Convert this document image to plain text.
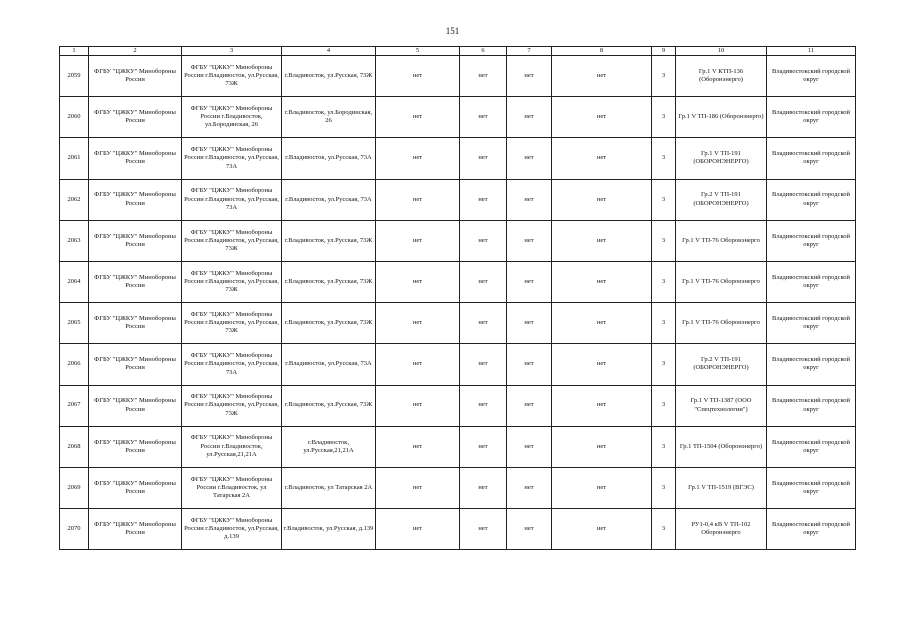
151
1	2	3	4	5	6	7	8	9	10	11
2059	ФГБУ "ЦЖКУ" Минобороны России	ФГБУ "ЦЖКУ" Минобороны России г.Владивосток, ул.Русская, 73Ж	г.Владивосток, ул.Русская, 73Ж	нет	нет	нет	нет	3	Гр.1 V КТП-136 (Оборонэнерго)	Владивостокский городской округ
2060	ФГБУ "ЦЖКУ" Минобороны России	ФГБУ "ЦЖКУ" Минобороны России г.Владивосток, ул.Бородинская, 26	г.Владивосток, ул.Бородинская, 26	нет	нет	нет	нет	3	Гр.1 V ТП-186 (Оборонэнерго)	Владивостокский городской округ
2061	ФГБУ "ЦЖКУ" Минобороны России	ФГБУ "ЦЖКУ" Минобороны России г.Владивосток, ул.Русская, 73А	г.Владивосток, ул.Русская, 73А	нет	нет	нет	нет	3	Гр.1 V ТП-191 (ОБОРОНЭНЕРГО)	Владивостокский городской округ
2062	ФГБУ "ЦЖКУ" Минобороны России	ФГБУ "ЦЖКУ" Минобороны России г.Владивосток, ул.Русская, 73А	г.Владивосток, ул.Русская, 73А	нет	нет	нет	нет	3	Гр.2 V ТП-191 (ОБОРОНЭНЕРГО)	Владивостокский городской округ
2063	ФГБУ "ЦЖКУ" Минобороны России	ФГБУ "ЦЖКУ" Минобороны России г.Владивосток, ул.Русская, 73Ж	г.Владивосток, ул.Русская, 73Ж	нет	нет	нет	нет	3	Гр.1 V ТП-76 Оборонэнерго	Владивостокский городской округ
2064	ФГБУ "ЦЖКУ" Минобороны России	ФГБУ "ЦЖКУ" Минобороны России г.Владивосток, ул.Русская, 73Ж	г.Владивосток, ул.Русская, 73Ж	нет	нет	нет	нет	3	Гр.1 V ТП-76 Оборонэнерго	Владивостокский городской округ
2065	ФГБУ "ЦЖКУ" Минобороны России	ФГБУ "ЦЖКУ" Минобороны России г.Владивосток, ул.Русская, 73Ж	г.Владивосток, ул.Русская, 73Ж	нет	нет	нет	нет	3	Гр.1 V ТП-76 Оборонэнерго	Владивостокский городской округ
2066	ФГБУ "ЦЖКУ" Минобороны России	ФГБУ "ЦЖКУ" Минобороны России г.Владивосток, ул.Русская, 73А	г.Владивосток, ул.Русская, 73А	нет	нет	нет	нет	3	Гр.2 V ТП-191 (ОБОРОНЭНЕРГО)	Владивостокский городской округ
2067	ФГБУ "ЦЖКУ" Минобороны России	ФГБУ "ЦЖКУ" Минобороны России г.Владивосток, ул.Русская, 73Ж	г.Владивосток, ул.Русская, 73Ж	нет	нет	нет	нет	3	Гр.1 V ТП-1387 (ООО "Спецтехнологии")	Владивостокский городской округ
2068	ФГБУ "ЦЖКУ" Минобороны России	ФГБУ "ЦЖКУ" Минобороны России г.Владивосток, ул.Русская,21,21А	г.Владивосток, ул.Русская,21,21А	нет	нет	нет	нет	3	Гр.1 ТП-1504 (Оборонэнерго)	Владивостокский городской округ
2069	ФГБУ "ЦЖКУ" Минобороны России	ФГБУ "ЦЖКУ" Минобороны России г.Владивосток, ул Татарская 2А	г.Владивосток, ул Татарская 2А	нет	нет	нет	нет	3	Гр.1 V ТП-1519 (ВГЭС)	Владивостокский городской округ
2070	ФГБУ "ЦЖКУ" Минобороны России	ФГБУ "ЦЖКУ" Минобороны России г.Владивосток, ул.Русская, д.139	г.Владивосток, ул.Русская, д.139	нет	нет	нет	нет	3	РУ1-0,4 кВ V ТП-102 Оборонэнерго	Владивостокский городской округ
